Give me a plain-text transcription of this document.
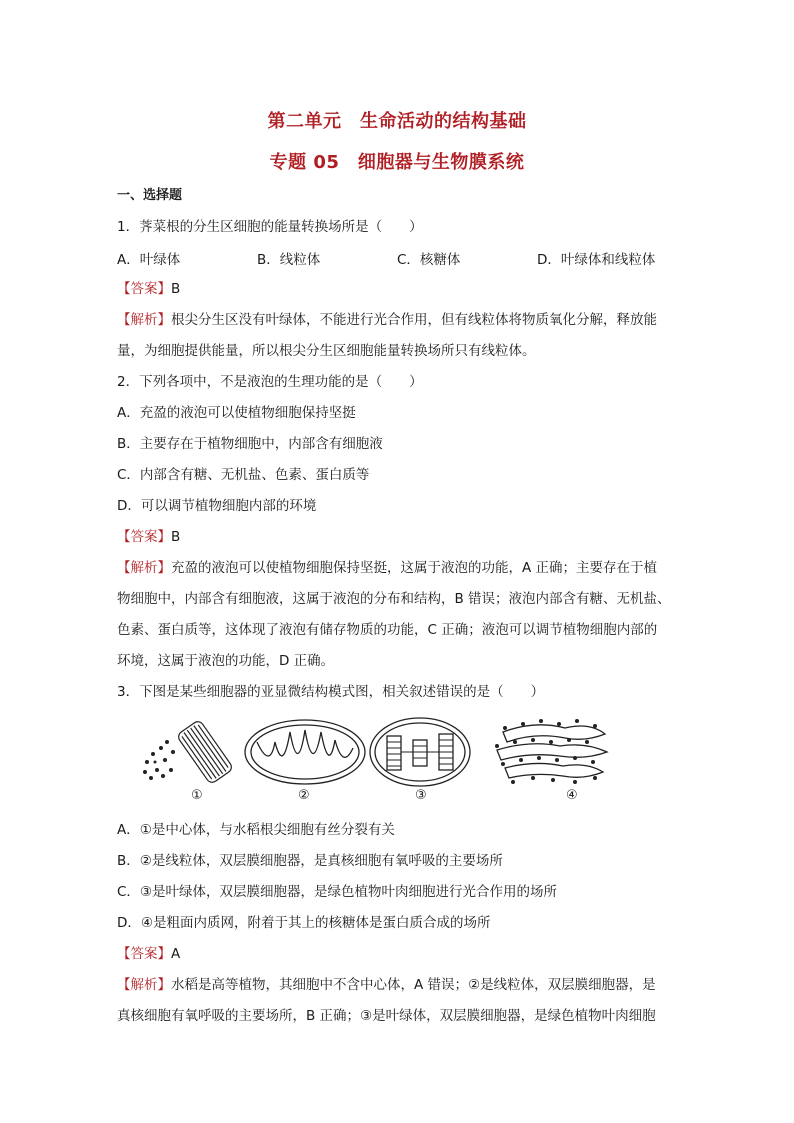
第二单元　生命活动的结构基础
专题 05　细胞器与生物膜系统
一、选择题
1．荠菜根的分生区细胞的能量转换场所是（　　）
A．叶绿体	B．线粒体	C．核糖体	D．叶绿体和线粒体
【答案】B
【解析】根尖分生区没有叶绿体，不能进行光合作用，但有线粒体将物质氧化分解，释放能
量，为细胞提供能量，所以根尖分生区细胞能量转换场所只有线粒体。
2．下列各项中，不是液泡的生理功能的是（　　）
A．充盈的液泡可以使植物细胞保持坚挺
B．主要存在于植物细胞中，内部含有细胞液
C．内部含有糖、无机盐、色素、蛋白质等
D．可以调节植物细胞内部的环境
【答案】B
【解析】充盈的液泡可以使植物细胞保持坚挺，这属于液泡的功能，A 正确；主要存在于植
物细胞中，内部含有细胞液，这属于液泡的分布和结构，B 错误；液泡内部含有糖、无机盐、
色素、蛋白质等，这体现了液泡有储存物质的功能，C 正确；液泡可以调节植物细胞内部的
环境，这属于液泡的功能，D 正确。
3．下图是某些细胞器的亚显微结构模式图，相关叙述错误的是（　　）
①	②	③	④
A．①是中心体，与水稻根尖细胞有丝分裂有关
B．②是线粒体，双层膜细胞器，是真核细胞有氧呼吸的主要场所
C．③是叶绿体，双层膜细胞器，是绿色植物叶肉细胞进行光合作用的场所
D．④是粗面内质网，附着于其上的核糖体是蛋白质合成的场所
【答案】A
【解析】水稻是高等植物，其细胞中不含中心体，A 错误；②是线粒体，双层膜细胞器，是
真核细胞有氧呼吸的主要场所，B 正确；③是叶绿体，双层膜细胞器，是绿色植物叶肉细胞
